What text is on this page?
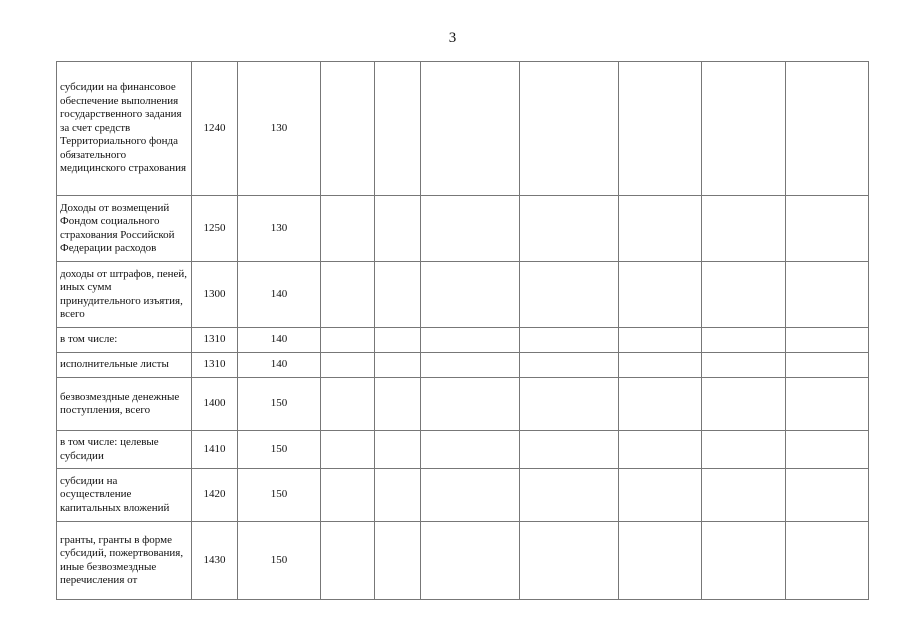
3
субсидии на финансовое обеспечение выполнения государственного задания за счет средств Территориального фонда обязательного медицинского страхования	1240	130							
Доходы от возмещений Фондом социального страхования Российской Федерации расходов	1250	130							
доходы от штрафов, пеней, иных сумм принудительного изъятия, всего	1300	140							
в том числе:	1310	140							
исполнительные листы	1310	140							
безвозмездные денежные поступления, всего	1400	150							
в том числе: целевые субсидии	1410	150							
субсидии на осуществление капитальных вложений	1420	150							
гранты, гранты в форме субсидий, пожертвования, иные безвозмездные перечисления от	1430	150							
